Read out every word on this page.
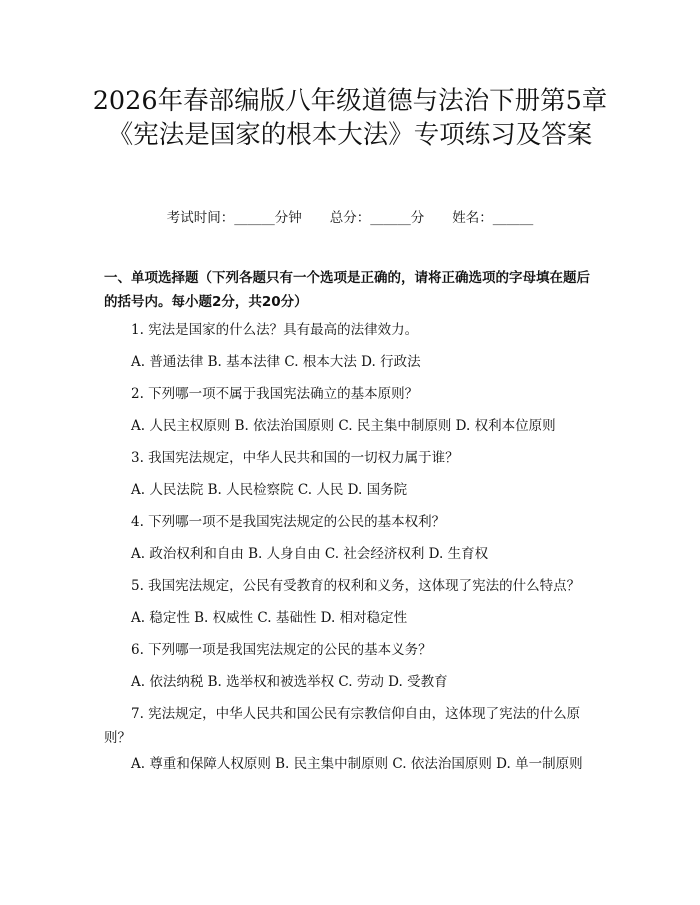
2026年春部编版八年级道德与法治下册第5章《宪法是国家的根本大法》专项练习及答案
考试时间：______分钟 总分：______分 姓名：______

一、单项选择题（下列各题只有一个选项是正确的，请将正确选项的字母填在题后的括号内。每小题2分，共20分）

1. 宪法是国家的什么法？具有最高的法律效力。
A. 普通法律 B. 基本法律 C. 根本大法 D. 行政法
2. 下列哪一项不属于我国宪法确立的基本原则？
A. 人民主权原则 B. 依法治国原则 C. 民主集中制原则 D. 权利本位原则
3. 我国宪法规定，中华人民共和国的一切权力属于谁？
A. 人民法院 B. 人民检察院 C. 人民 D. 国务院
4. 下列哪一项不是我国宪法规定的公民的基本权利？
A. 政治权利和自由 B. 人身自由 C. 社会经济权利 D. 生育权
5. 我国宪法规定，公民有受教育的权利和义务，这体现了宪法的什么特点？
A. 稳定性 B. 权威性 C. 基础性 D. 相对稳定性
6. 下列哪一项是我国宪法规定的公民的基本义务？
A. 依法纳税 B. 选举权和被选举权 C. 劳动 D. 受教育
7. 宪法规定，中华人民共和国公民有宗教信仰自由，这体现了宪法的什么原则？
A. 尊重和保障人权原则 B. 民主集中制原则 C. 依法治国原则 D. 单一制原则
